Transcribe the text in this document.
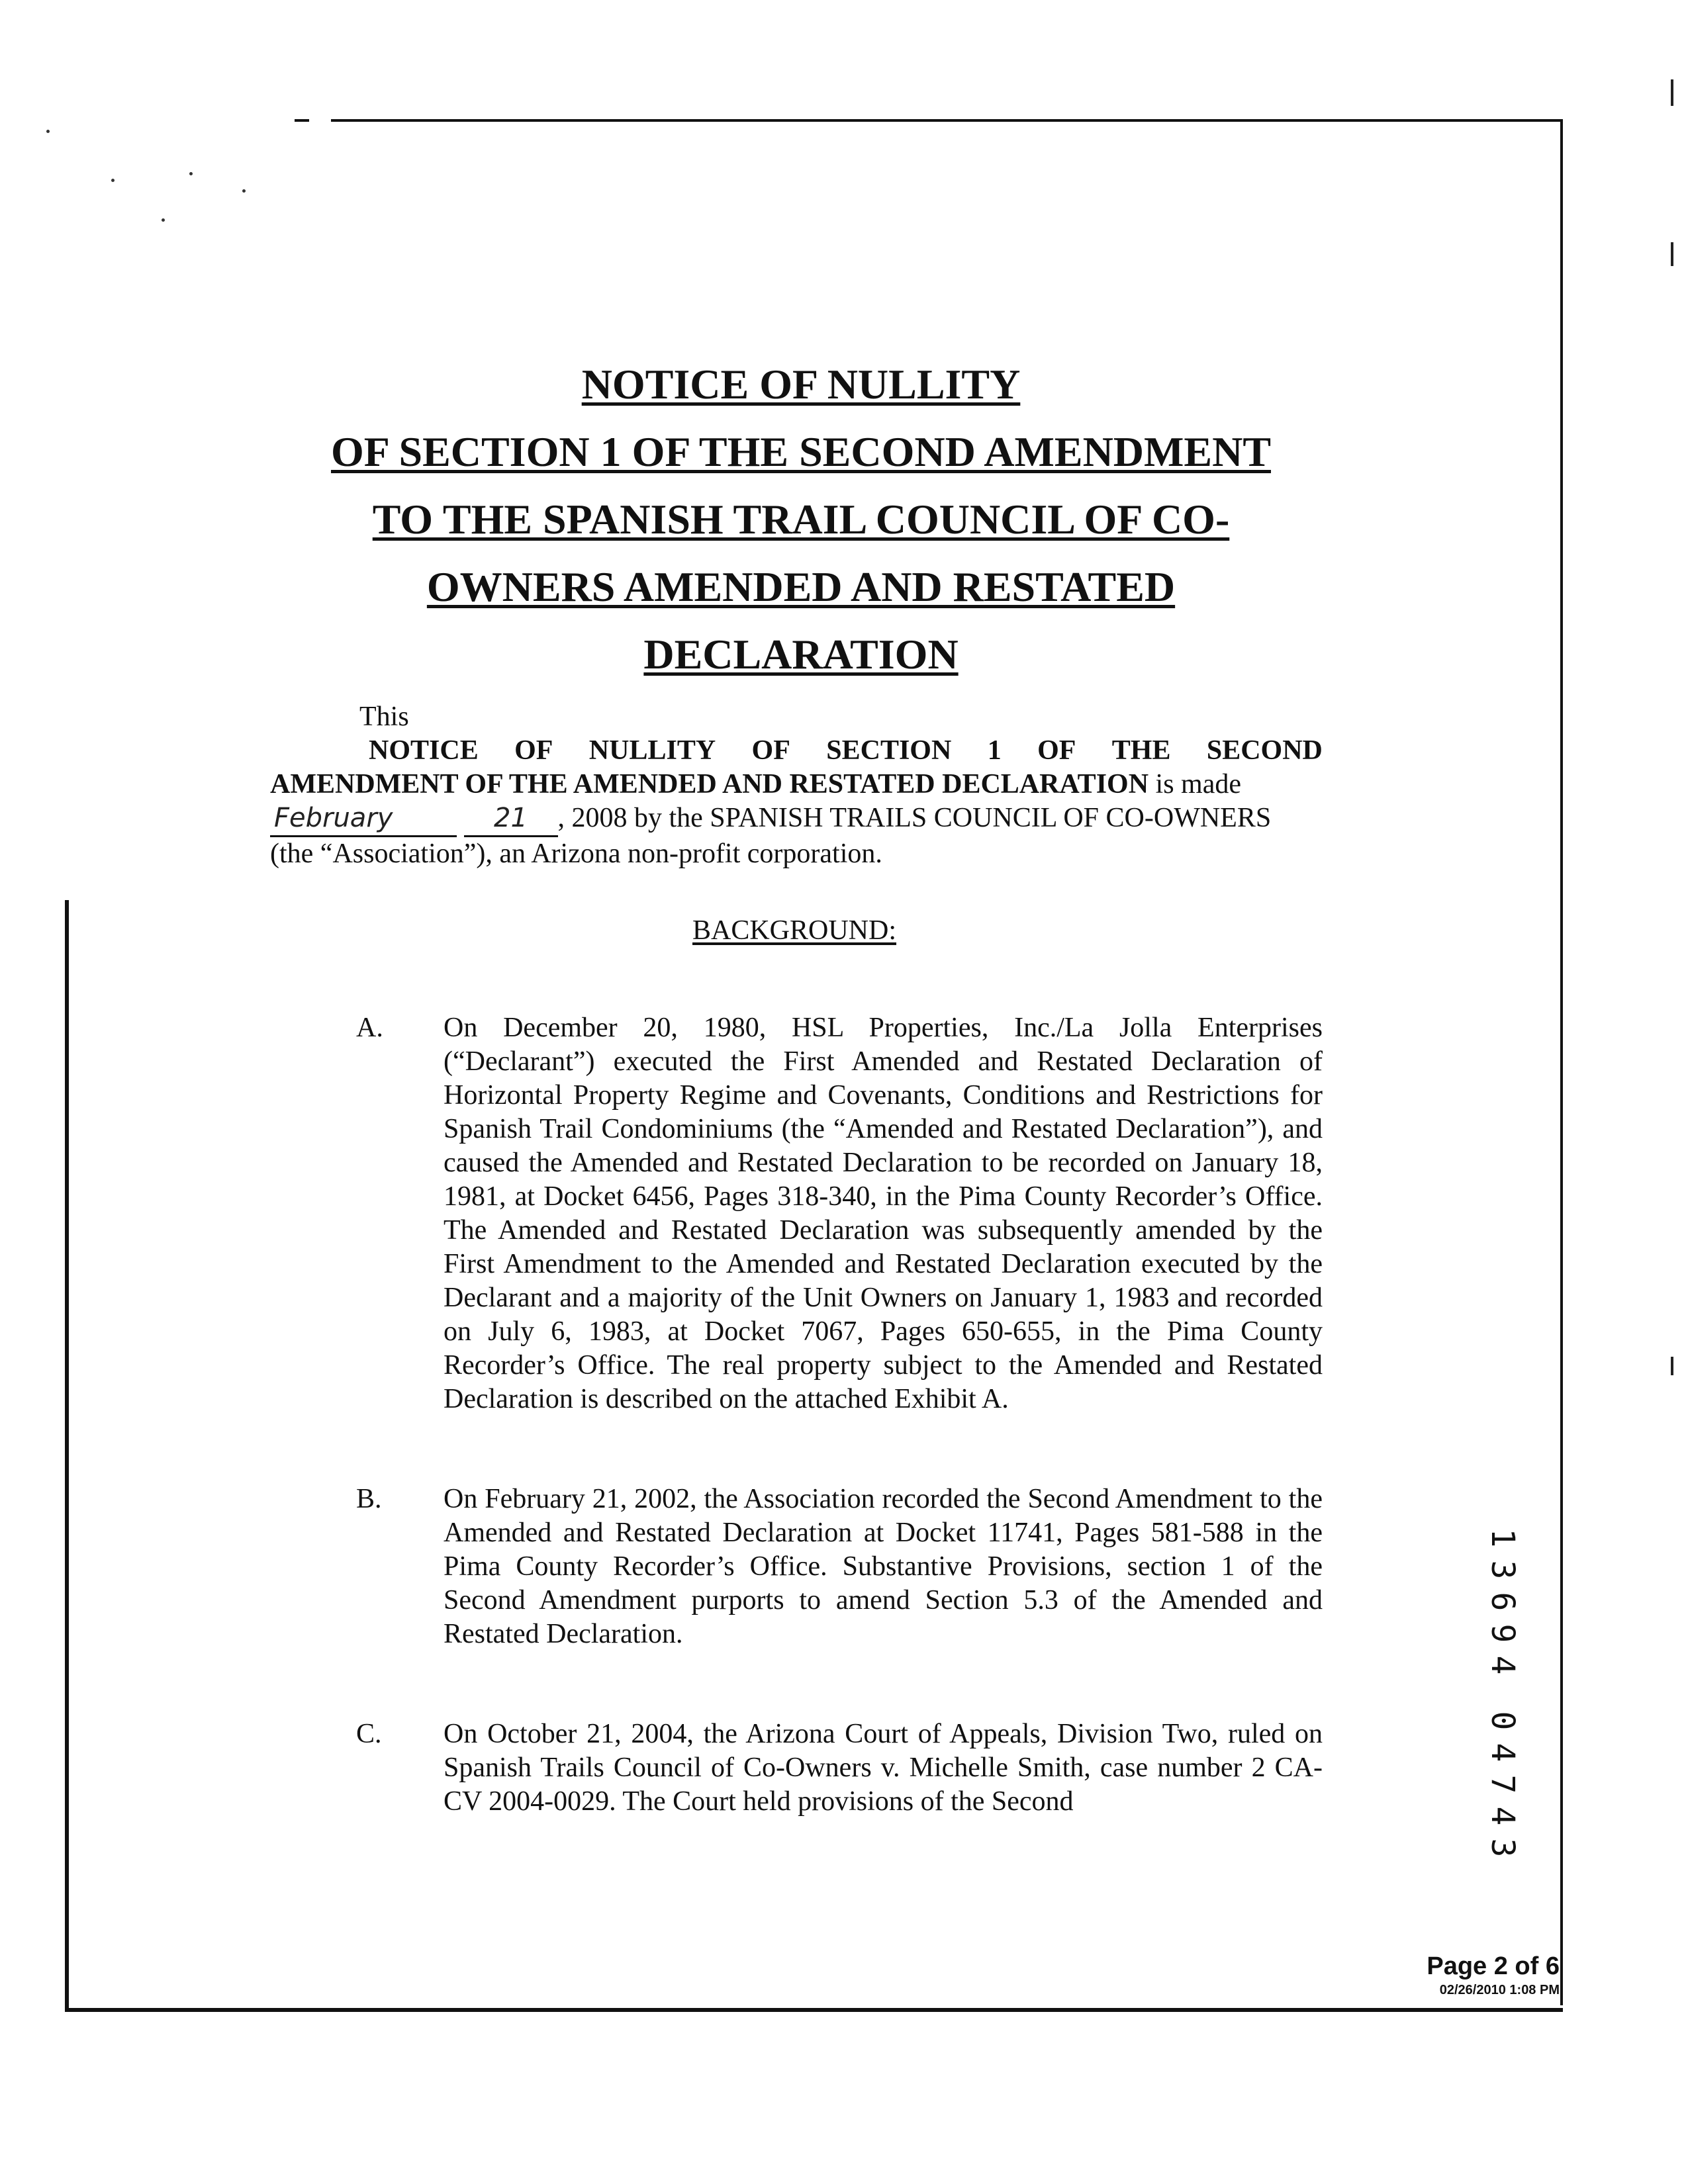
NOTICE OF NULLITY
OF SECTION 1 OF THE SECOND AMENDMENT
TO THE SPANISH TRAIL COUNCIL OF CO-
OWNERS AMENDED AND RESTATED
DECLARATION
This
NOTICE OF NULLITY OF SECTION 1 OF THE SECOND
AMENDMENT OF THE AMENDED AND RESTATED DECLARATION is made
February	21 , 2008 by the SPANISH TRAILS COUNCIL OF CO-OWNERS
(the “Association”), an Arizona non-profit corporation.
BACKGROUND:
A. On December 20, 1980, HSL Properties, Inc./La Jolla Enterprises (“Declarant”) executed the First Amended and Restated Declaration of Horizontal Property Regime and Covenants, Conditions and Restrictions for Spanish Trail Condominiums (the “Amended and Restated Declaration”), and caused the Amended and Restated Declaration to be recorded on January 18, 1981, at Docket 6456, Pages 318-340, in the Pima County Recorder’s Office. The Amended and Restated Declaration was subsequently amended by the First Amendment to the Amended and Restated Declaration executed by the Declarant and a majority of the Unit Owners on January 1, 1983 and recorded on July 6, 1983, at Docket 7067, Pages 650-655, in the Pima County Recorder’s Office. The real property subject to the Amended and Restated Declaration is described on the attached Exhibit A.
B. On February 21, 2002, the Association recorded the Second Amendment to the Amended and Restated Declaration at Docket 11741, Pages 581-588 in the Pima County Recorder’s Office. Substantive Provisions, section 1 of the Second Amendment purports to amend Section 5.3 of the Amended and Restated Declaration.
C. On October 21, 2004, the Arizona Court of Appeals, Division Two, ruled on Spanish Trails Council of Co-Owners v. Michelle Smith, case number 2 CA-CV 2004-0029. The Court held provisions of the Second
1
3
6
9
4
0
4
7
4
3
Page 2 of 6
02/26/2010 1:08 PM
